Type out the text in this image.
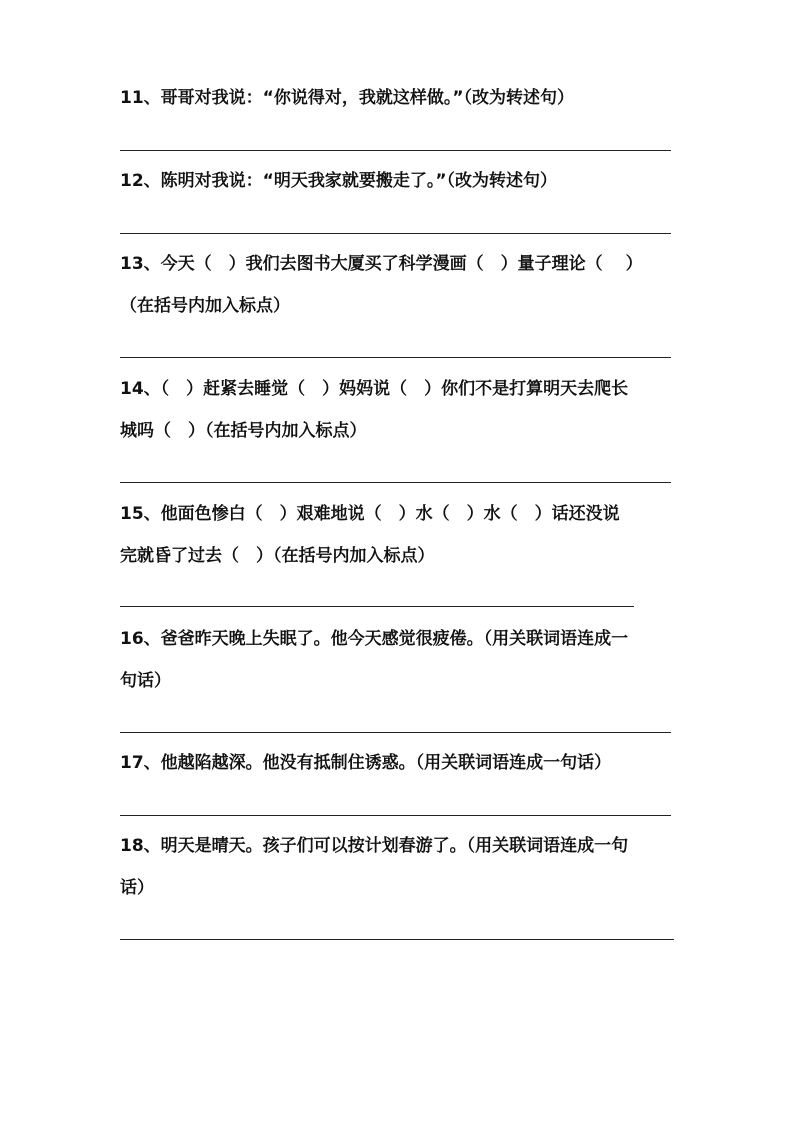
11、哥哥对我说：“你说得对，我就这样做。”（改为转述句）
12、陈明对我说：“明天我家就要搬走了。”（改为转述句）
13、今天（　）我们去图书大厦买了科学漫画（　）量子理论（　 ）
（在括号内加入标点）
14、（　）赶紧去睡觉（　）妈妈说（　）你们不是打算明天去爬长
城吗（　）（在括号内加入标点）
15、他面色惨白（　）艰难地说（　）水（　）水（　）话还没说
完就昏了过去（　）（在括号内加入标点）
16、爸爸昨天晚上失眠了。他今天感觉很疲倦。（用关联词语连成一
句话）
17、他越陷越深。他没有抵制住诱惑。（用关联词语连成一句话）
18、明天是晴天。孩子们可以按计划春游了。（用关联词语连成一句
话）
